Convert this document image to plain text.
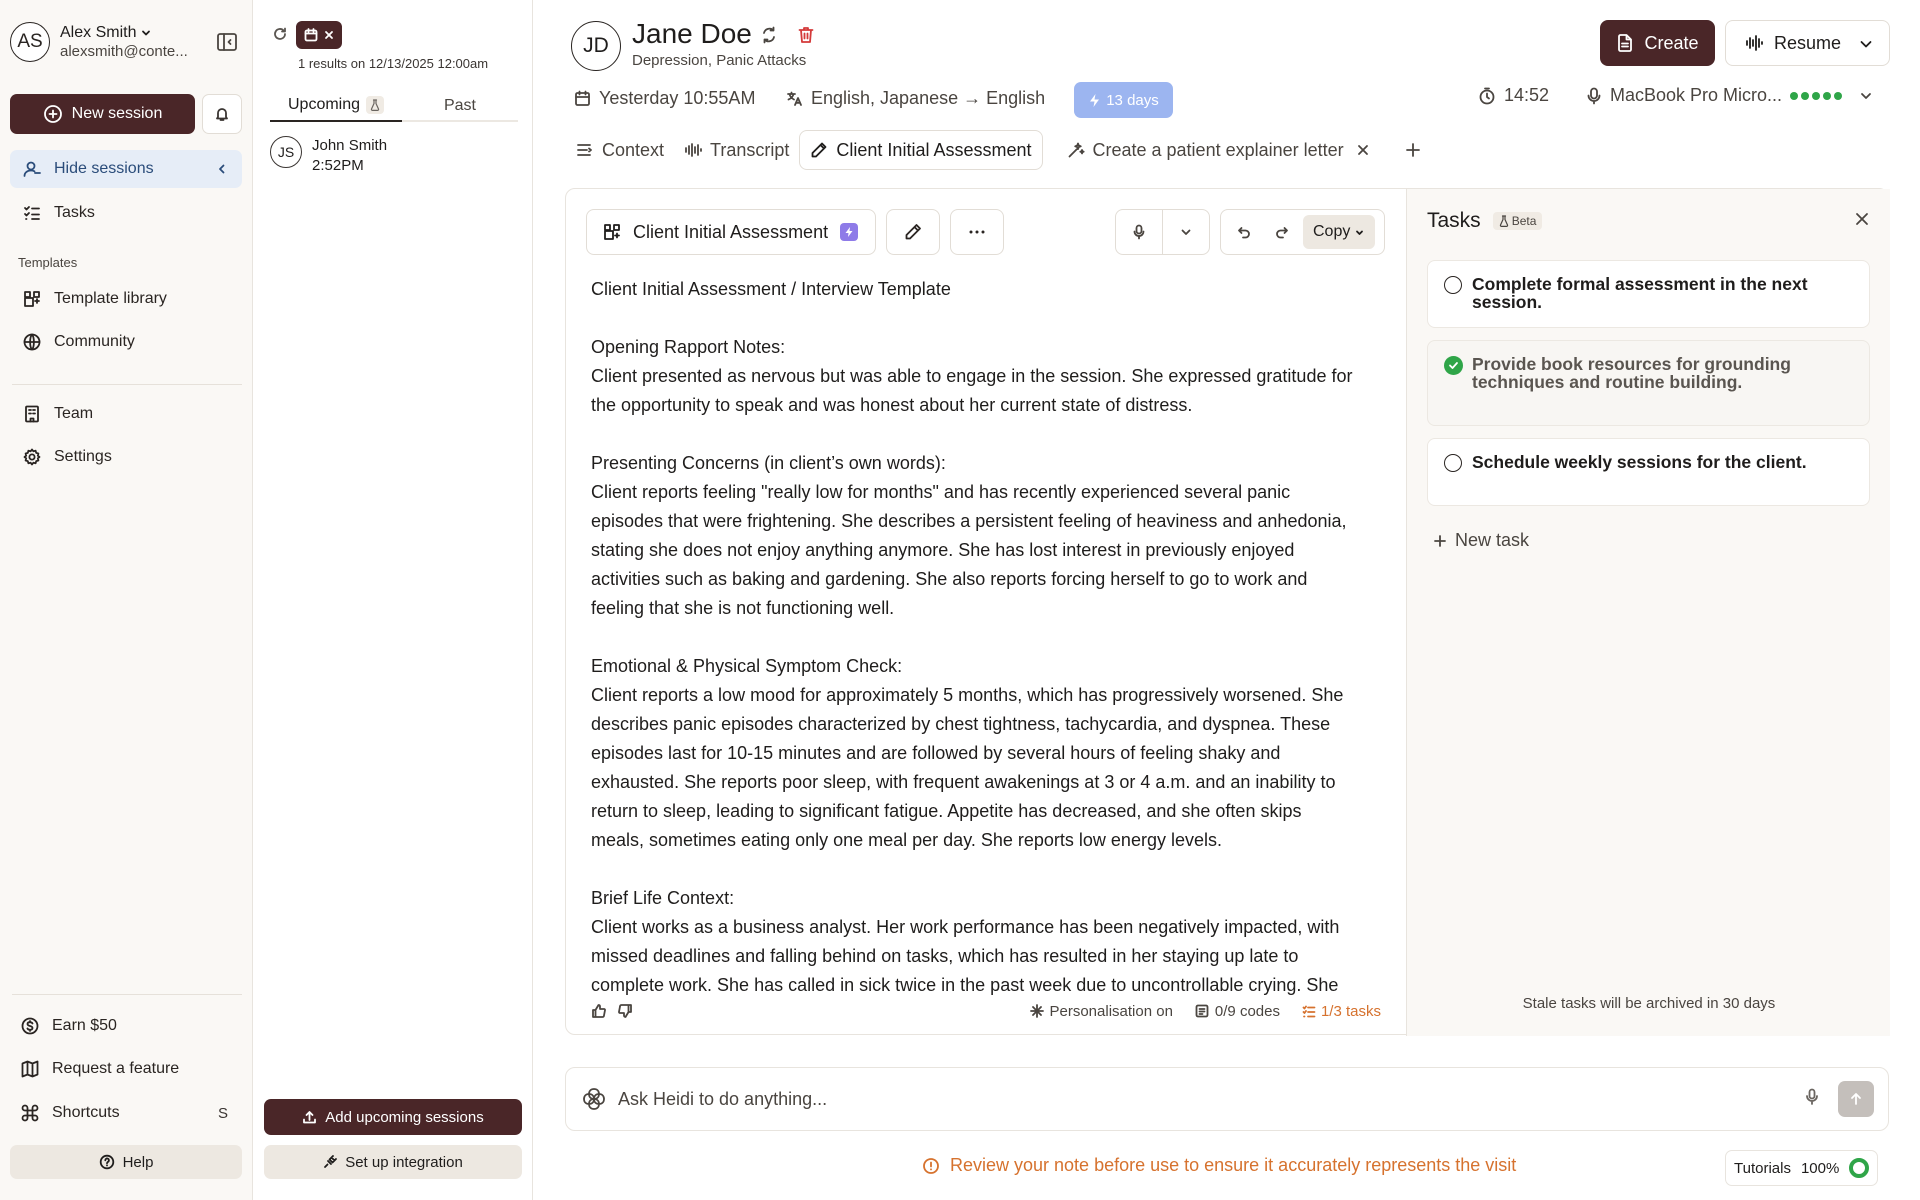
AS	Alex Smith
alexsmith@conte...
New session
Hide sessions
Tasks
Templates
Template library
Community
Team
Settings
Earn $50
Request a feature
Shortcuts	S
Help
1 results on 12/13/2025 12:00am
Upcoming	Past
JS	John Smith
2:52PM
Add upcoming sessions
Set up integration
JD Jane Doe
Depression, Panic Attacks
Create	Resume
Yesterday 10:55AM	English, Japanese → English	13 days	14:52	MacBook Pro Micro...
Context	Transcript	Client Initial Assessment	Create a patient explainer letter
Client Initial Assessment	Copy

Client Initial Assessment / Interview Template

Opening Rapport Notes:

Client presented as nervous but was able to engage in the session. She expressed gratitude for

the opportunity to speak and was honest about her current state of distress.

Presenting Concerns (in client’s own words):

Client reports feeling "really low for months" and has recently experienced several panic

episodes that were frightening. She describes a persistent feeling of heaviness and anhedonia,

stating she does not enjoy anything anymore. She has lost interest in previously enjoyed

activities such as baking and gardening. She also reports forcing herself to go to work and

feeling that she is not functioning well.

Emotional & Physical Symptom Check:

Client reports a low mood for approximately 5 months, which has progressively worsened. She

describes panic episodes characterized by chest tightness, tachycardia, and dyspnea. These

episodes last for 10-15 minutes and are followed by several hours of feeling shaky and

exhausted. She reports poor sleep, with frequent awakenings at 3 or 4 a.m. and an inability to

return to sleep, leading to significant fatigue. Appetite has decreased, and she often skips

meals, sometimes eating only one meal per day. She reports low energy levels.

Brief Life Context:

Client works as a business analyst. Her work performance has been negatively impacted, with

missed deadlines and falling behind on tasks, which has resulted in her staying up late to

complete work. She has called in sick twice in the past week due to uncontrollable crying. She

Personalisation on	0/9 codes	1/3 tasks
Tasks	Beta
Complete formal assessment in the next session.
Provide book resources for grounding techniques and routine building.
Schedule weekly sessions for the client.
New task
Stale tasks will be archived in 30 days
Ask Heidi to do anything...
Review your note before use to ensure it accurately represents the visit	Tutorials 100%
